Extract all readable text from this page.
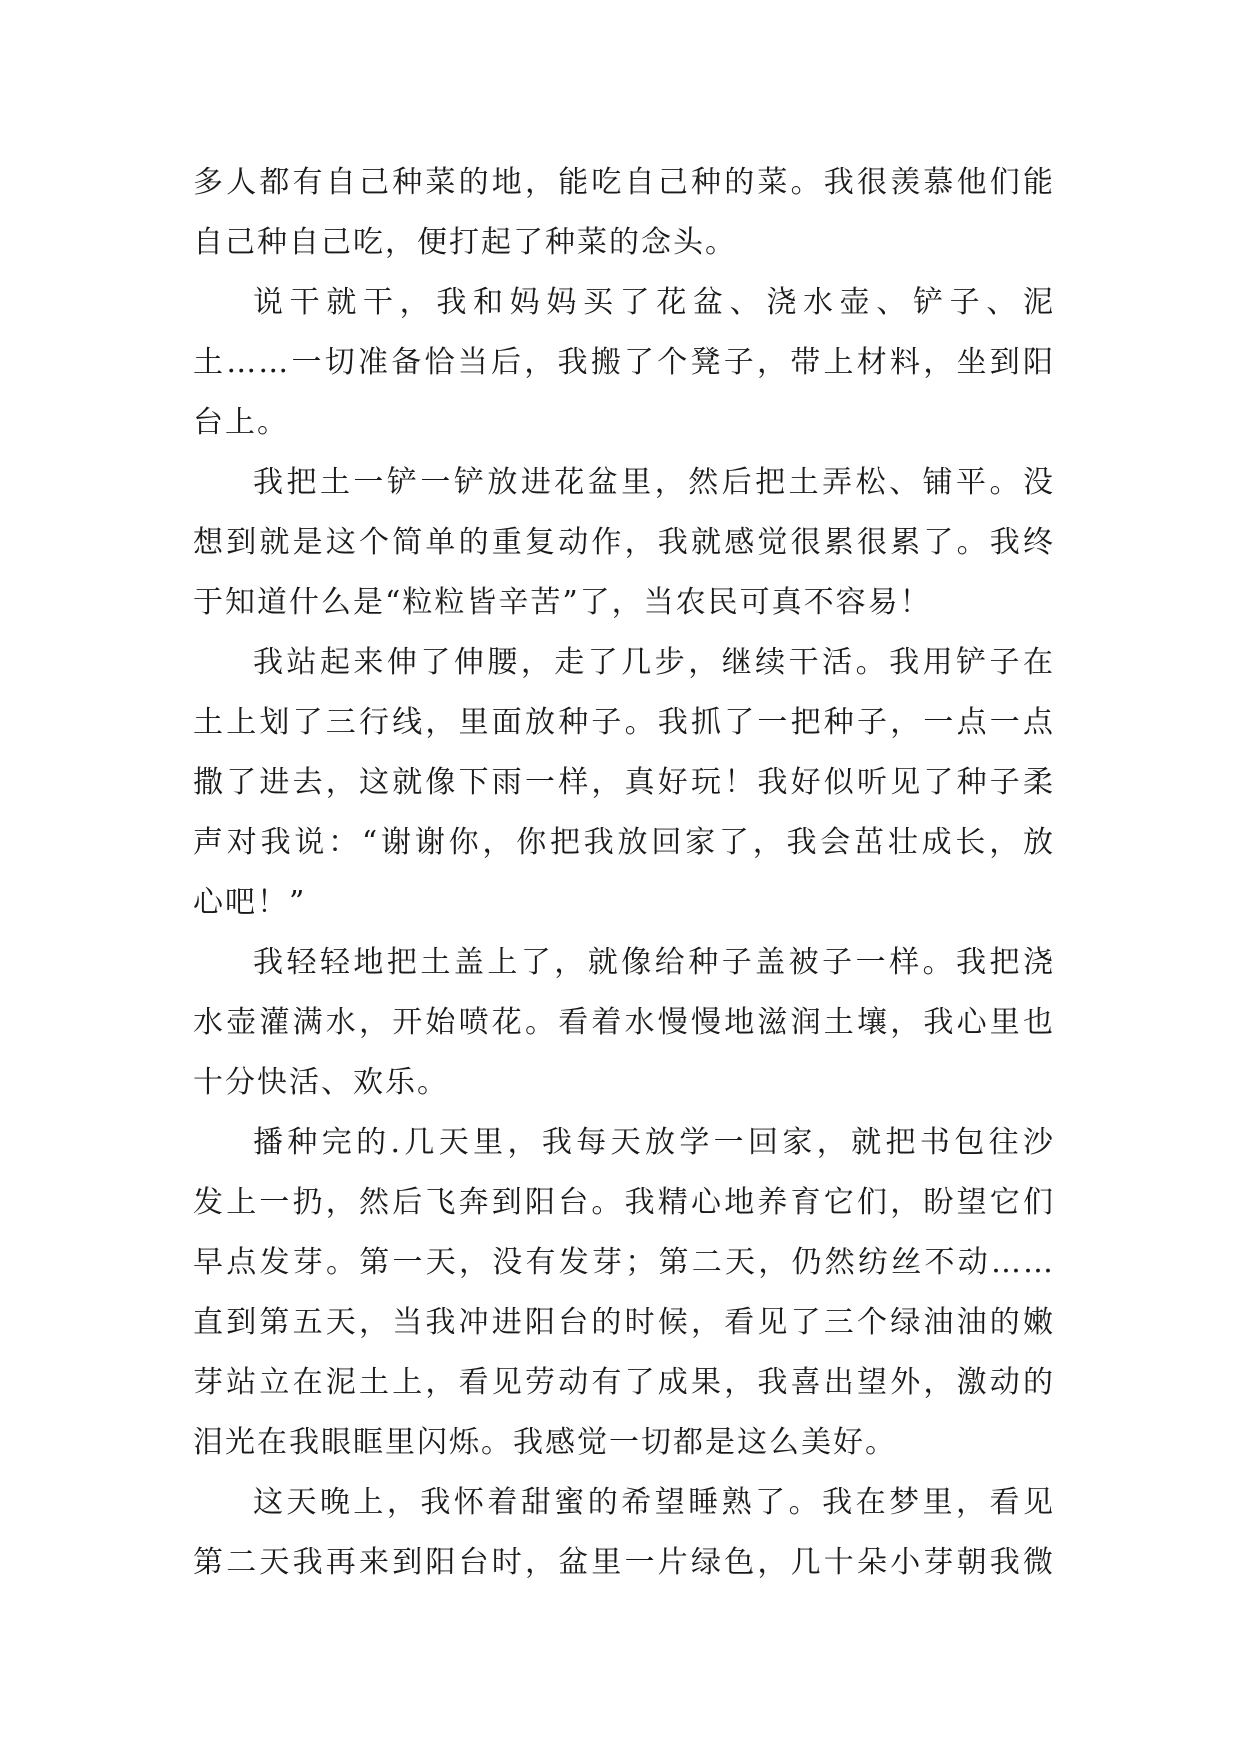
多人都有自己种菜的地，能吃自己种的菜。我很羡慕他们能
自己种自己吃，便打起了种菜的念头。
说干就干，我和妈妈买了花盆、浇水壶、铲子、泥
土……一切准备恰当后，我搬了个凳子，带上材料，坐到阳
台上。
我把土一铲一铲放进花盆里，然后把土弄松、铺平。没
想到就是这个简单的重复动作，我就感觉很累很累了。我终
于知道什么是“粒粒皆辛苦”了，当农民可真不容易！
我站起来伸了伸腰，走了几步，继续干活。我用铲子在
土上划了三行线，里面放种子。我抓了一把种子，一点一点
撒了进去，这就像下雨一样，真好玩！我好似听见了种子柔
声对我说：“谢谢你，你把我放回家了，我会茁壮成长，放
心吧！”
我轻轻地把土盖上了，就像给种子盖被子一样。我把浇
水壶灌满水，开始喷花。看着水慢慢地滋润土壤，我心里也
十分快活、欢乐。
播种完的.几天里，我每天放学一回家，就把书包往沙
发上一扔，然后飞奔到阳台。我精心地养育它们，盼望它们
早点发芽。第一天，没有发芽；第二天，仍然纺丝不动……
直到第五天，当我冲进阳台的时候，看见了三个绿油油的嫩
芽站立在泥土上，看见劳动有了成果，我喜出望外，激动的
泪光在我眼眶里闪烁。我感觉一切都是这么美好。
这天晚上，我怀着甜蜜的希望睡熟了。我在梦里，看见
第二天我再来到阳台时，盆里一片绿色，几十朵小芽朝我微
